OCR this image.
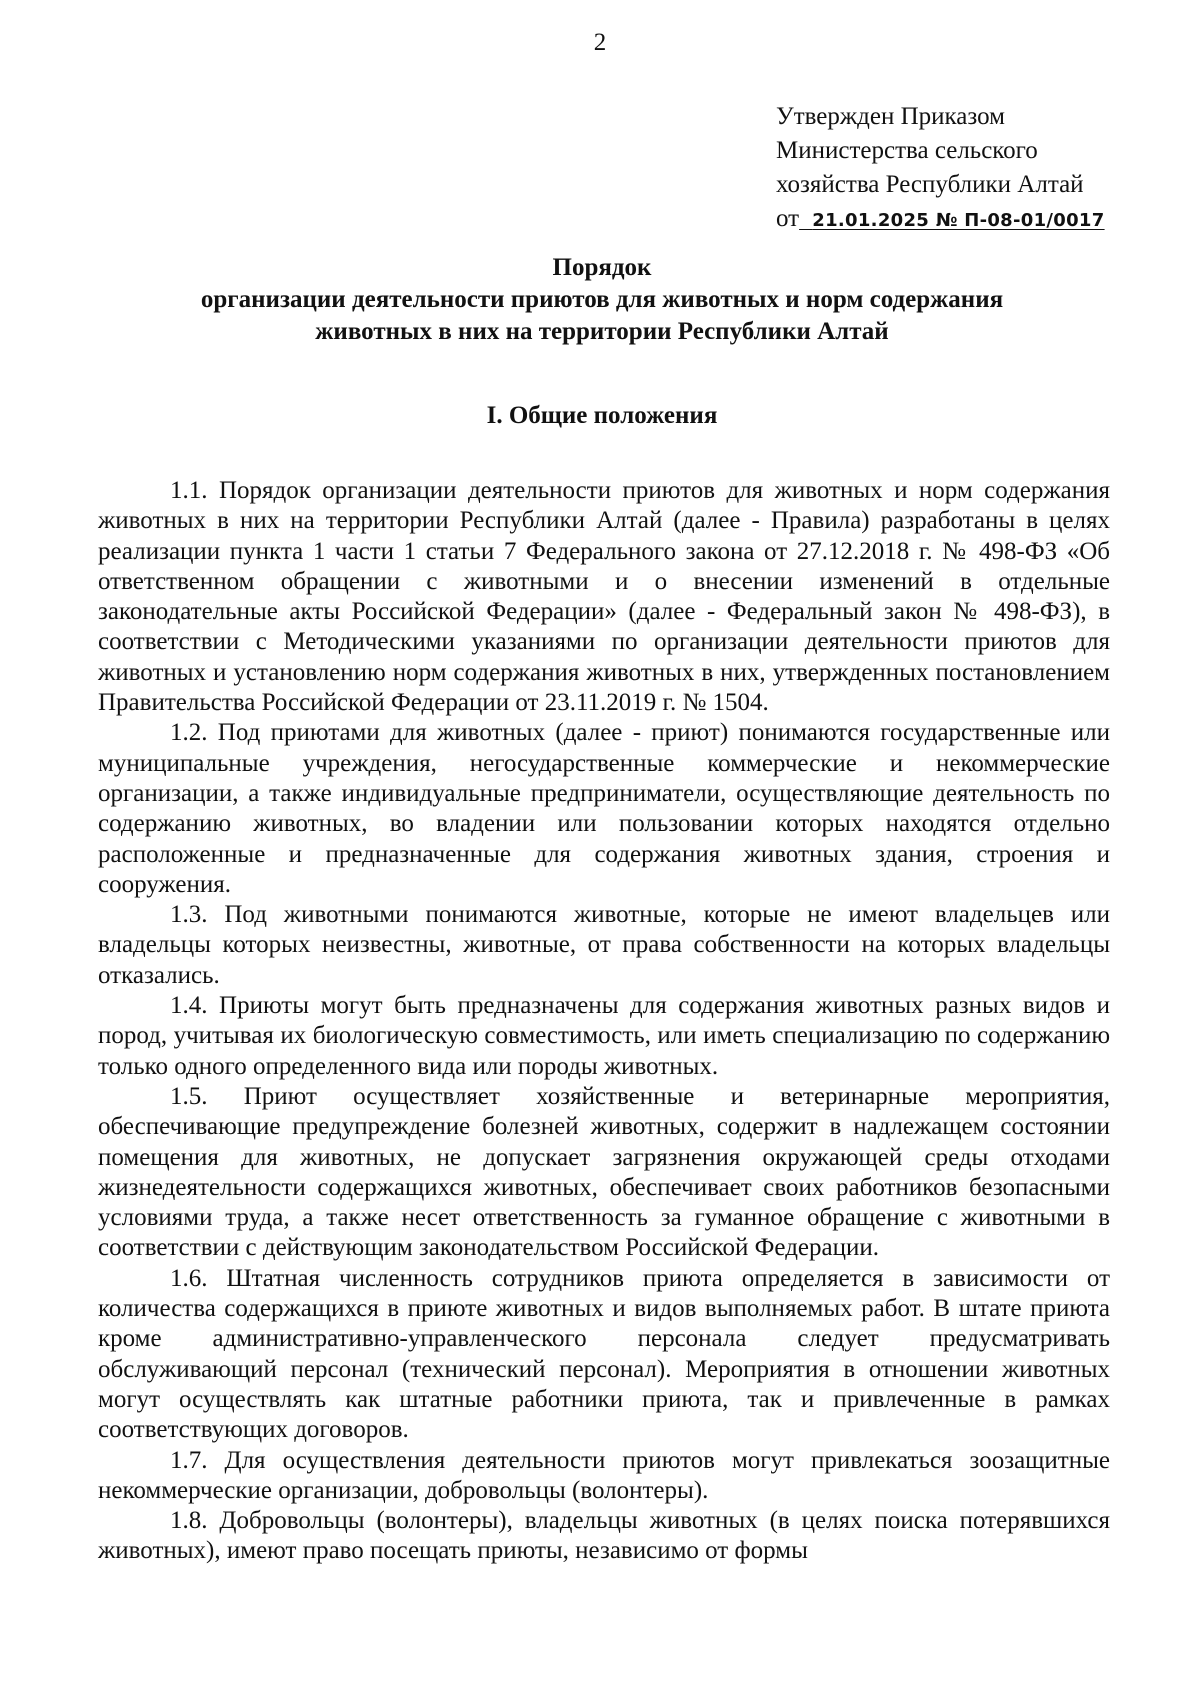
2
Утвержден Приказом
Министерства сельского
хозяйства Республики Алтай
от 21.01.2025 № П-08-01/0017
Порядок
организации деятельности приютов для животных и норм содержания
животных в них на территории Республики Алтай
I. Общие положения

1.1. Порядок организации деятельности приютов для животных и норм содержания животных в них на территории Республики Алтай (далее - Правила) разработаны в целях реализации пункта 1 части 1 статьи 7 Федерального закона от 27.12.2018 г. № 498-ФЗ «Об ответственном обращении с животными и о внесении изменений в отдельные законодательные акты Российской Федерации» (далее - Федеральный закон № 498-ФЗ), в соответствии с Методическими указаниями по организации деятельности приютов для животных и установлению норм содержания животных в них, утвержденных постановлением Правительства Российской Федерации от 23.11.2019 г. № 1504.

1.2. Под приютами для животных (далее - приют) понимаются государственные или муниципальные учреждения, негосударственные коммерческие и некоммерческие организации, а также индивидуальные предприниматели, осуществляющие деятельность по содержанию животных, во владении или пользовании которых находятся отдельно расположенные и предназначенные для содержания животных здания, строения и сооружения.

1.3. Под животными понимаются животные, которые не имеют владельцев или владельцы которых неизвестны, животные, от права собственности на которых владельцы отказались.

1.4. Приюты могут быть предназначены для содержания животных разных видов и пород, учитывая их биологическую совместимость, или иметь специализацию по содержанию только одного определенного вида или породы животных.

1.5. Приют осуществляет хозяйственные и ветеринарные мероприятия, обеспечивающие предупреждение болезней животных, содержит в надлежащем состоянии помещения для животных, не допускает загрязнения окружающей среды отходами жизнедеятельности содержащихся животных, обеспечивает своих работников безопасными условиями труда, а также несет ответственность за гуманное обращение с животными в соответствии с действующим законодательством Российской Федерации.

1.6. Штатная численность сотрудников приюта определяется в зависимости от количества содержащихся в приюте животных и видов выполняемых работ. В штате приюта кроме административно-управленческого персонала следует предусматривать обслуживающий персонал (технический персонал). Мероприятия в отношении животных могут осуществлять как штатные работники приюта, так и привлеченные в рамках соответствующих договоров.

1.7. Для осуществления деятельности приютов могут привлекаться зоозащитные некоммерческие организации, добровольцы (волонтеры).

1.8. Добровольцы (волонтеры), владельцы животных (в целях поиска потерявшихся животных), имеют право посещать приюты, независимо от формы
